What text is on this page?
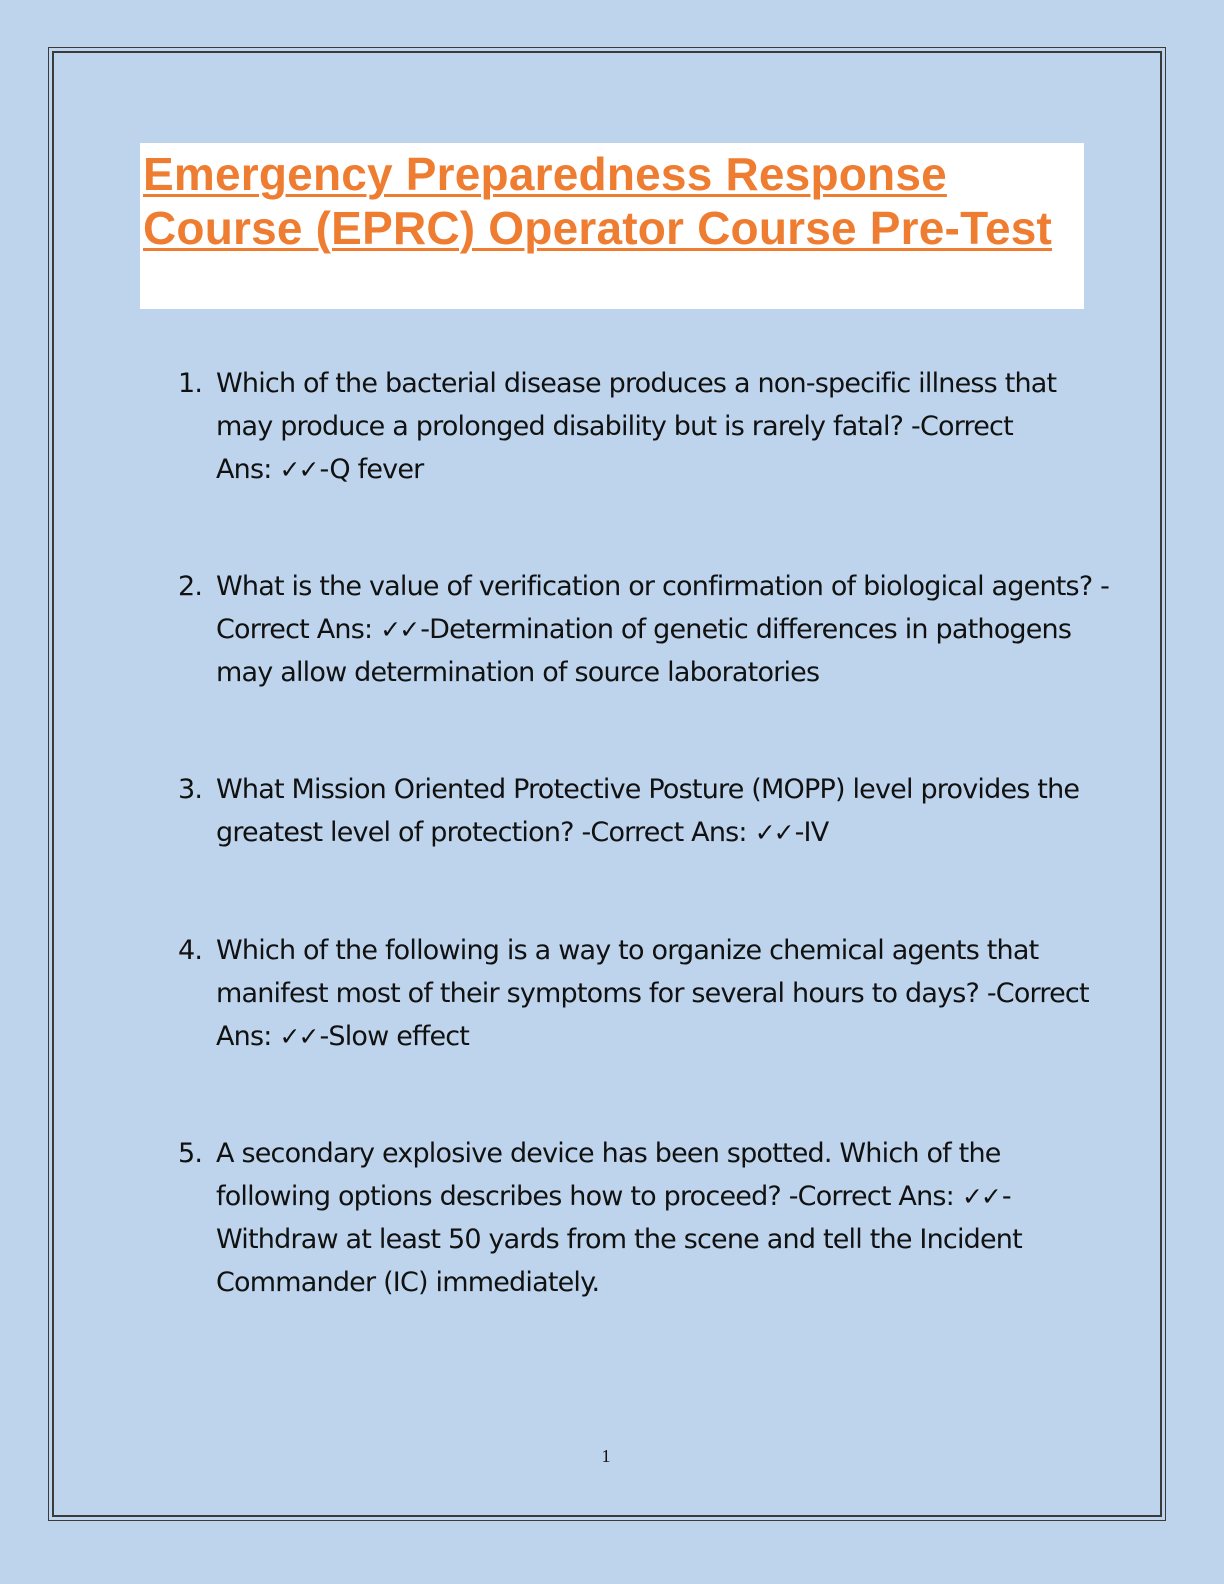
Emergency Preparedness Response Course (EPRC) Operator Course Pre-Test
1. Which of the bacterial disease produces a non-specific illness that may produce a prolonged disability but is rarely fatal? -Correct Ans: ✓✓-Q fever
2. What is the value of verification or confirmation of biological agents? -Correct Ans: ✓✓-Determination of genetic differences in pathogens may allow determination of source laboratories
3. What Mission Oriented Protective Posture (MOPP) level provides the greatest level of protection? -Correct Ans: ✓✓-IV
4. Which of the following is a way to organize chemical agents that manifest most of their symptoms for several hours to days? -Correct Ans: ✓✓-Slow effect
5. A secondary explosive device has been spotted. Which of the following options describes how to proceed? -Correct Ans: ✓✓-Withdraw at least 50 yards from the scene and tell the Incident Commander (IC) immediately.
1
